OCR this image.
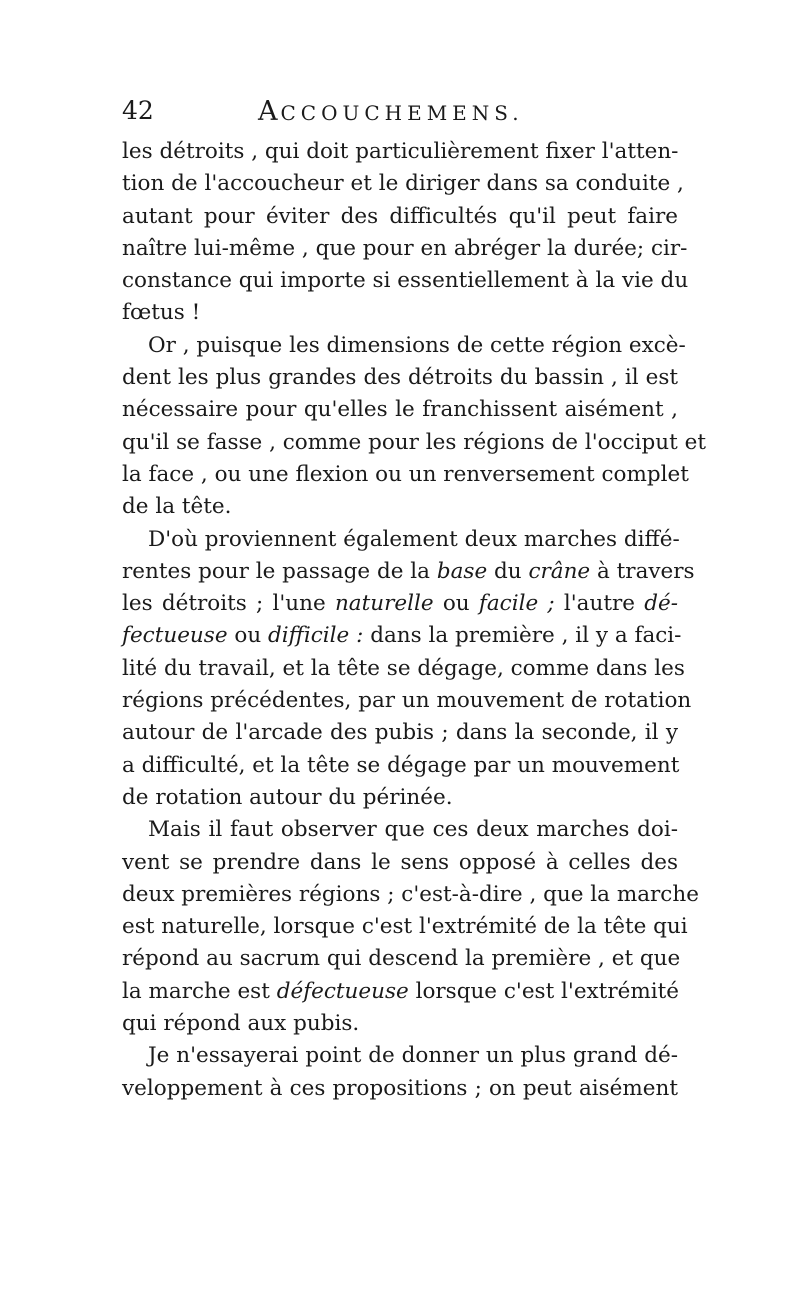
42	ACCOUCHEMENS.
les détroits , qui doit particulièrement fixer l'atten-
tion de l'accoucheur et le diriger dans sa conduite ,
autant pour éviter des difficultés qu'il peut faire
naître lui-même , que pour en abréger la durée; cir-
constance qui importe si essentiellement à la vie du
fœtus !
Or , puisque les dimensions de cette région excè-
dent les plus grandes des détroits du bassin , il est
nécessaire pour qu'elles le franchissent aisément ,
qu'il se fasse , comme pour les régions de l'occiput et
la face , ou une flexion ou un renversement complet
de la tête.
D'où proviennent également deux marches diffé-
rentes pour le passage de la base du crâne à travers
les détroits ; l'une naturelle ou facile ; l'autre dé-
fectueuse ou difficile : dans la première , il y a faci-
lité du travail, et la tête se dégage, comme dans les
régions précédentes, par un mouvement de rotation
autour de l'arcade des pubis ; dans la seconde, il y
a difficulté, et la tête se dégage par un mouvement
de rotation autour du périnée.
Mais il faut observer que ces deux marches doi-
vent se prendre dans le sens opposé à celles des
deux premières régions ; c'est-à-dire , que la marche
est naturelle, lorsque c'est l'extrémité de la tête qui
répond au sacrum qui descend la première , et que
la marche est défectueuse lorsque c'est l'extrémité
qui répond aux pubis.
Je n'essayerai point de donner un plus grand dé-
veloppement à ces propositions ; on peut aisément
